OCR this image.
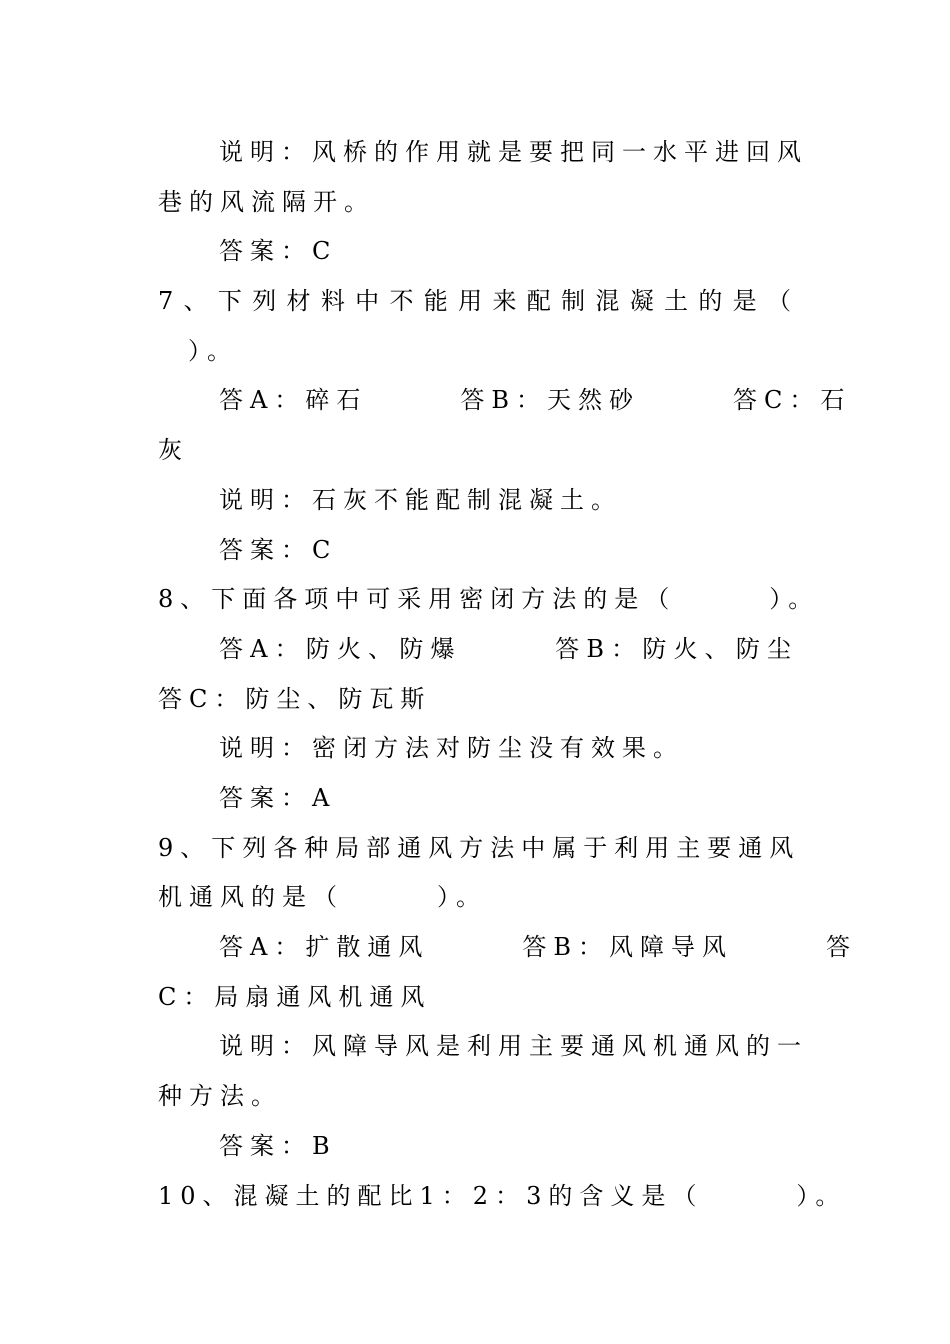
说明：风桥的作用就是要把同一水平进回风
巷的风流隔开。
答案：C
7、下列材料中不能用来配制混凝土的是（
）。
答A：碎石　　　答B：天然砂　　　答C：石
灰
说明：石灰不能配制混凝土。
答案：C
8、下面各项中可采用密闭方法的是（　　　）。
答A：防火、防爆　　　答B：防火、防尘
答C：防尘、防瓦斯
说明：密闭方法对防尘没有效果。
答案：A
9、下列各种局部通风方法中属于利用主要通风
机通风的是（　　　）。
答A：扩散通风　　　答B：风障导风　　　答
C：局扇通风机通风
说明：风障导风是利用主要通风机通风的一
种方法。
答案：B
10、混凝土的配比1：2：3的含义是（　　　）。
